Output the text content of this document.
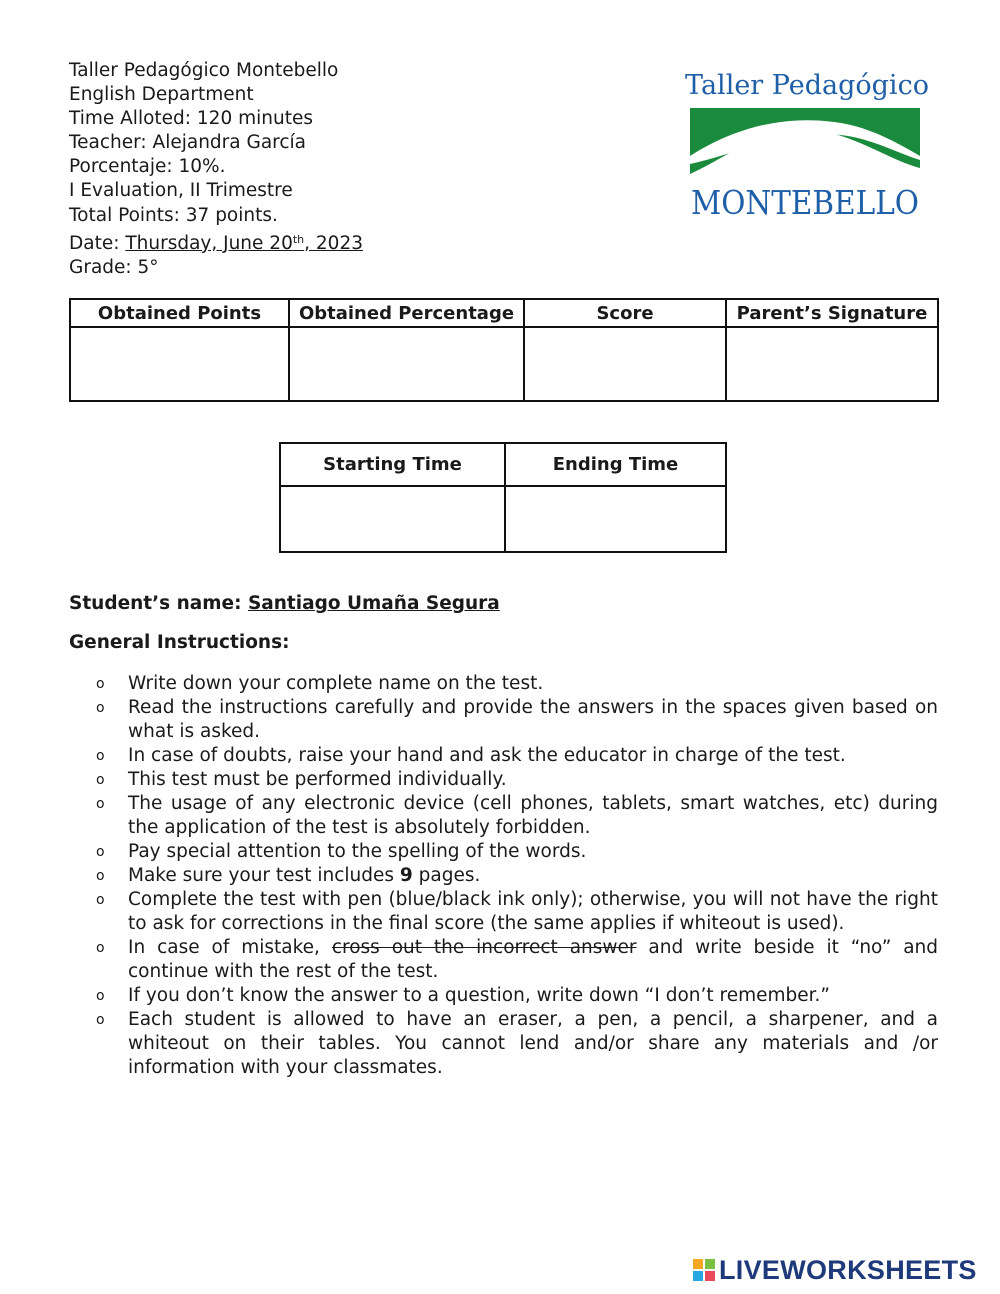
Taller Pedagógico Montebello
English Department
Time Alloted: 120 minutes
Teacher: Alejandra García
Porcentaje: 10%.
I Evaluation, II Trimestre
Total Points: 37 points.
Date: Thursday, June 20th, 2023
Grade: 5°
Taller Pedagógico
MONTEBELLO
Obtained Points	Obtained Percentage	Score	Parent’s Signature

Starting Time	Ending Time

Student’s name: Santiago Umaña Segura
General Instructions:
o Write down your complete name on the test.
o Read the instructions carefully and provide the answers in the spaces given based on what is asked.
o In case of doubts, raise your hand and ask the educator in charge of the test.
o This test must be performed individually.
o The usage of any electronic device (cell phones, tablets, smart watches, etc) during the application of the test is absolutely forbidden.
o Pay special attention to the spelling of the words.
o Make sure your test includes 9 pages.
o Complete the test with pen (blue/black ink only); otherwise, you will not have the right to ask for corrections in the final score (the same applies if whiteout is used).
o In case of mistake, cross out the incorrect answer and write beside it “no” and continue with the rest of the test.
o If you don’t know the answer to a question, write down “I don’t remember.”
o Each student is allowed to have an eraser, a pen, a pencil, a sharpener, and a whiteout on their tables. You cannot lend and/or share any materials and /or information with your classmates.
LIVEWORKSHEETS
